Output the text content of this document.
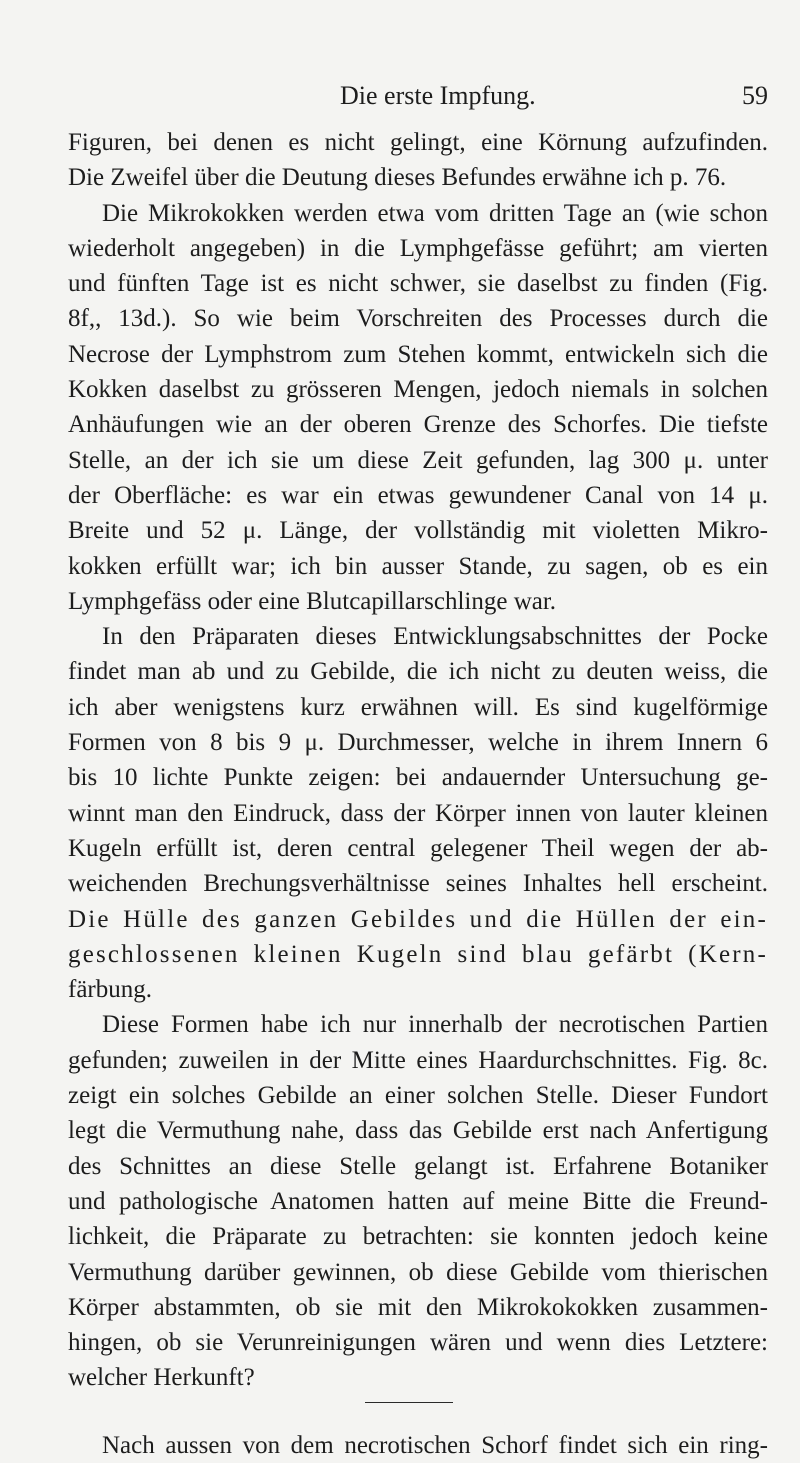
Die erste Impfung.	59
Figuren, bei denen es nicht gelingt, eine Körnung aufzufinden.
Die Zweifel über die Deutung dieses Befundes erwähne ich p. 76.
Die Mikrokokken werden etwa vom dritten Tage an (wie schon
wiederholt angegeben) in die Lymphgefässe geführt; am vierten
und fünften Tage ist es nicht schwer, sie daselbst zu finden (Fig.
8f,, 13d.). So wie beim Vorschreiten des Processes durch die
Necrose der Lymphstrom zum Stehen kommt, entwickeln sich die
Kokken daselbst zu grösseren Mengen, jedoch niemals in solchen
Anhäufungen wie an der oberen Grenze des Schorfes. Die tiefste
Stelle, an der ich sie um diese Zeit gefunden, lag 300 μ. unter
der Oberfläche: es war ein etwas gewundener Canal von 14 μ.
Breite und 52 μ. Länge, der vollständig mit violetten Mikro-
kokken erfüllt war; ich bin ausser Stande, zu sagen, ob es ein
Lymphgefäss oder eine Blutcapillarschlinge war.
In den Präparaten dieses Entwicklungsabschnittes der Pocke
findet man ab und zu Gebilde, die ich nicht zu deuten weiss, die
ich aber wenigstens kurz erwähnen will. Es sind kugelförmige
Formen von 8 bis 9 μ. Durchmesser, welche in ihrem Innern 6
bis 10 lichte Punkte zeigen: bei andauernder Untersuchung ge-
winnt man den Eindruck, dass der Körper innen von lauter kleinen
Kugeln erfüllt ist, deren central gelegener Theil wegen der ab-
weichenden Brechungsverhältnisse seines Inhaltes hell erscheint.
Die Hülle des ganzen Gebildes und die Hüllen der ein-
geschlossenen kleinen Kugeln sind blau gefärbt (Kern-
färbung.
Diese Formen habe ich nur innerhalb der necrotischen Partien
gefunden; zuweilen in der Mitte eines Haardurchschnittes. Fig. 8c.
zeigt ein solches Gebilde an einer solchen Stelle. Dieser Fundort
legt die Vermuthung nahe, dass das Gebilde erst nach Anfertigung
des Schnittes an diese Stelle gelangt ist. Erfahrene Botaniker
und pathologische Anatomen hatten auf meine Bitte die Freund-
lichkeit, die Präparate zu betrachten: sie konnten jedoch keine
Vermuthung darüber gewinnen, ob diese Gebilde vom thierischen
Körper abstammten, ob sie mit den Mikrokokokken zusammen-
hingen, ob sie Verunreinigungen wären und wenn dies Letztere:
welcher Herkunft?
Nach aussen von dem necrotischen Schorf findet sich ein ring-
